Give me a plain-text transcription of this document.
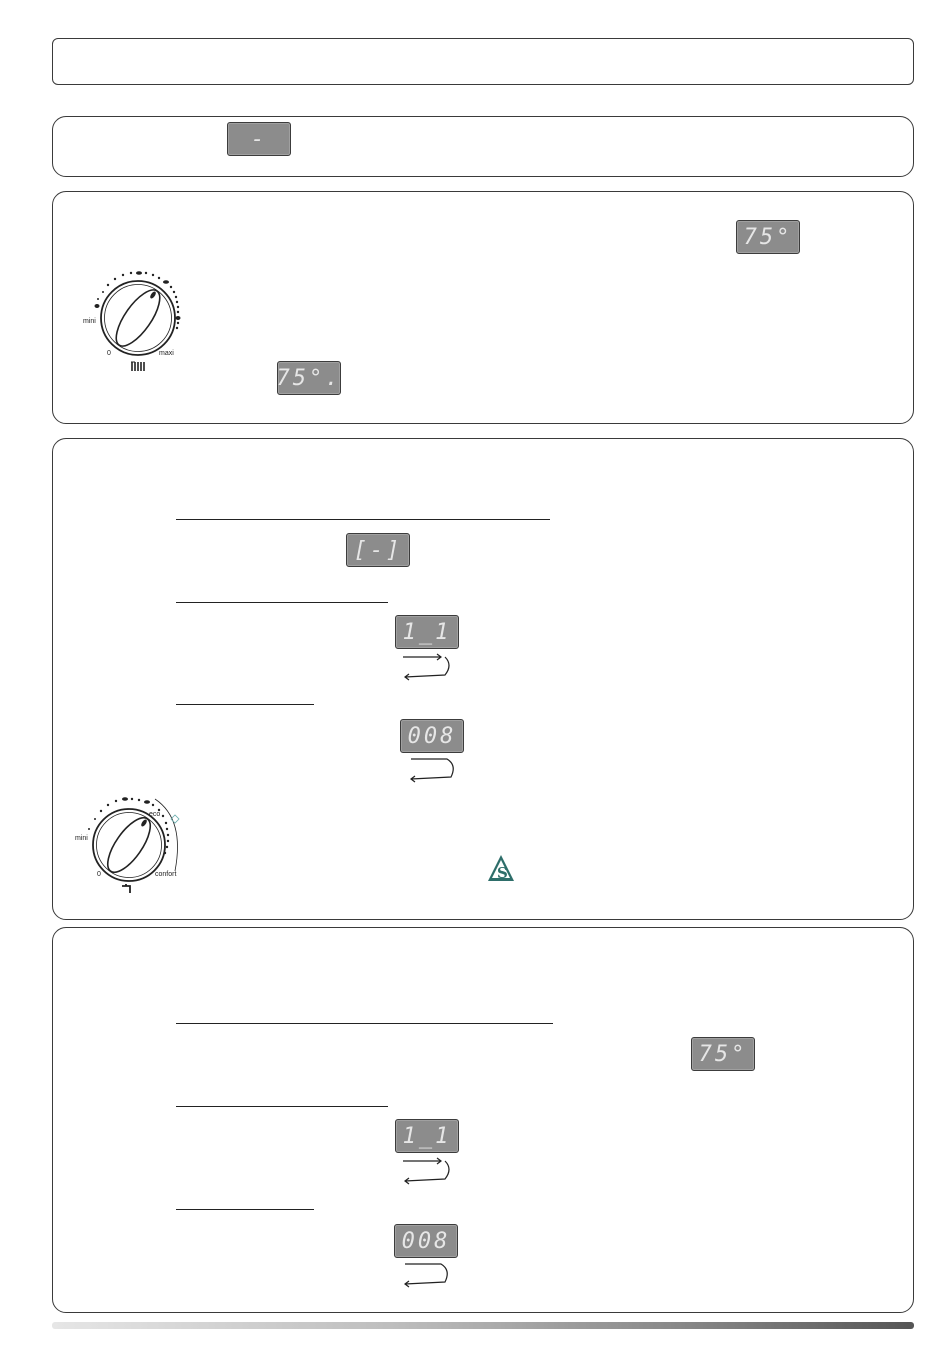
-
75°
75°.
mini
0	maxi
[-]
1_1
008
mini
eco
0	confort	S
75°
1_1
008
